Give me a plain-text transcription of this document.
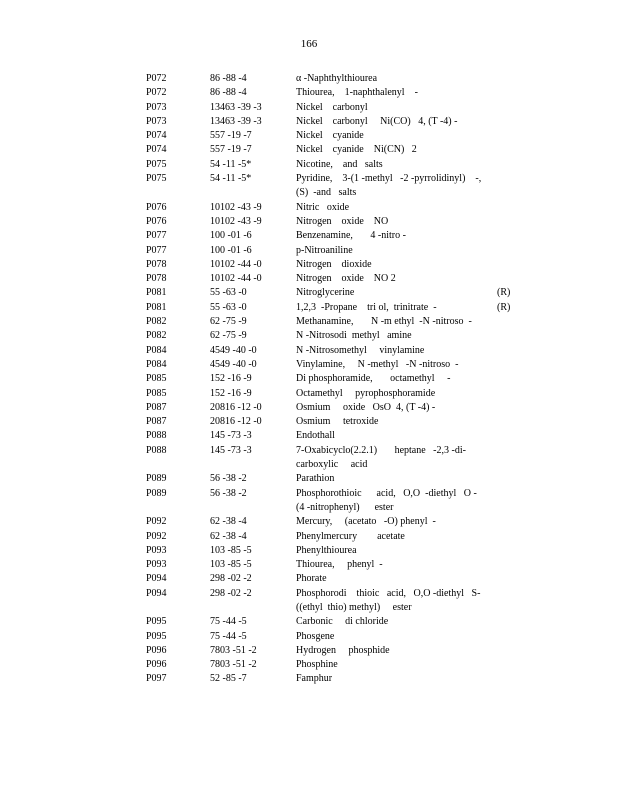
166
P072	86 -88 -4	α -Naphthylthiourea
P072	86 -88 -4	Thiourea,    1-naphthalenyl    -
P073	13463 -39 -3	Nickel    carbonyl
P073	13463 -39 -3	Nickel    carbonyl     Ni(CO)   4, (T -4) -
P074	557 -19 -7	Nickel    cyanide
P074	557 -19 -7	Nickel    cyanide    Ni(CN)   2
P075	54 -11 -5*	Nicotine,    and   salts
P075	54 -11 -5*	Pyridine,    3-(1 -methyl   -2 -pyrrolidinyl)    -,
(S)  -and   salts
P076	10102 -43 -9	Nitric   oxide
P076	10102 -43 -9	Nitrogen    oxide    NO
P077	100 -01 -6	Benzenamine,       4 -nitro -
P077	100 -01 -6	p-Nitroaniline
P078	10102 -44 -0	Nitrogen    dioxide
P078	10102 -44 -0	Nitrogen    oxide    NO 2
P081	55 -63 -0	Nitroglycerine	(R)
P081	55 -63 -0	1,2,3  -Propane    tri ol,  trinitrate  -	(R)
P082	62 -75 -9	Methanamine,       N -m ethyl  -N -nitroso  -
P082	62 -75 -9	N -Nitrosodi  methyl   amine
P084	4549 -40 -0	N -Nitrosomethyl     vinylamine
P084	4549 -40 -0	Vinylamine,     N -methyl   -N -nitroso  -
P085	152 -16 -9	Di phosphoramide,       octamethyl     -
P085	152 -16 -9	Octamethyl     pyrophosphoramide
P087	20816 -12 -0	Osmium     oxide   OsO  4, (T -4) -
P087	20816 -12 -0	Osmium     tetroxide
P088	145 -73 -3	Endothall
P088	145 -73 -3	7-Oxabicyclo(2.2.1)       heptane   -2,3 -di-
carboxylic     acid
P089	56 -38 -2	Parathion
P089	56 -38 -2	Phosphorothioic      acid,   O,O  -diethyl   O -
(4 -nitrophenyl)      ester
P092	62 -38 -4	Mercury,     (acetato   -O) phenyl  -
P092	62 -38 -4	Phenylmercury        acetate
P093	103 -85 -5	Phenylthiourea
P093	103 -85 -5	Thiourea,     phenyl  -
P094	298 -02 -2	Phorate
P094	298 -02 -2	Phosphorodi    thioic   acid,   O,O -diethyl   S-
((ethyl  thio) methyl)     ester
P095	75 -44 -5	Carbonic     di chloride
P095	75 -44 -5	Phosgene
P096	7803 -51 -2	Hydrogen     phosphide
P096	7803 -51 -2	Phosphine
P097	52 -85 -7	Famphur
